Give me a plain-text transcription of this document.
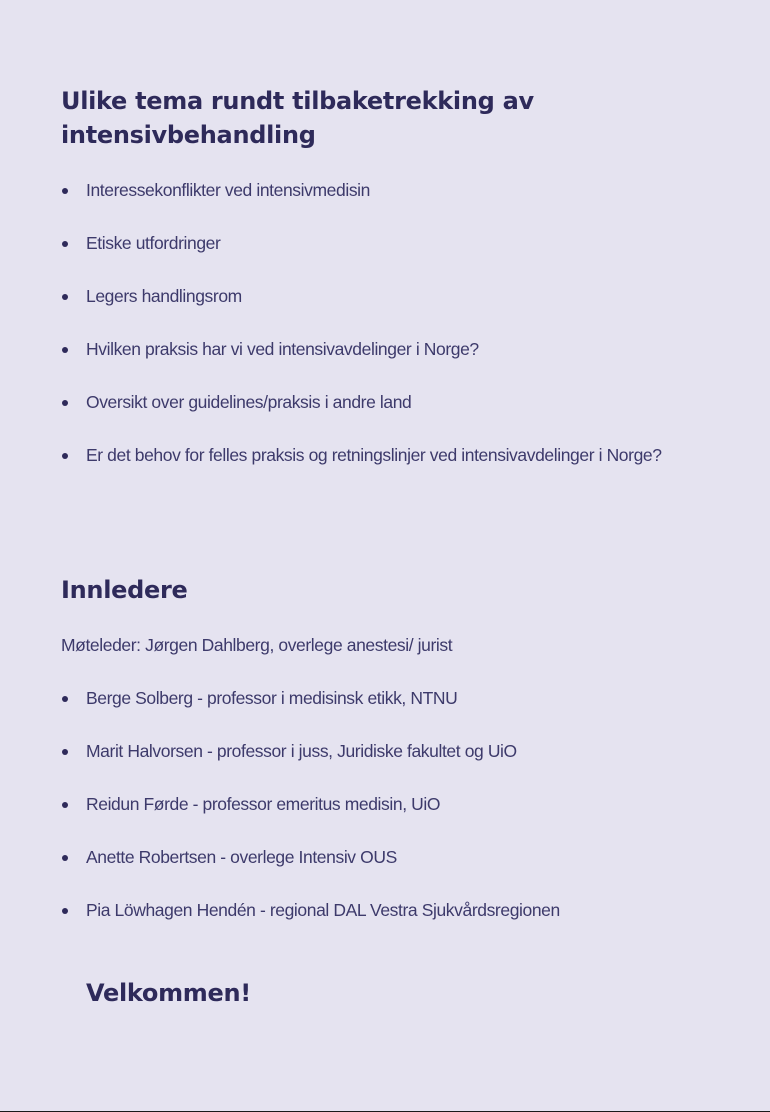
Ulike tema rundt tilbaketrekking av intensivbehandling
Interessekonflikter ved intensivmedisin
Etiske utfordringer
Legers handlingsrom
Hvilken praksis har vi ved intensivavdelinger i Norge?
Oversikt over guidelines/praksis i andre land
Er det behov for felles praksis og retningslinjer ved intensivavdelinger i Norge?
Innledere

Møteleder: Jørgen Dahlberg, overlege anestesi/ jurist

Berge Solberg - professor i medisinsk etikk, NTNU
Marit Halvorsen - professor i juss, Juridiske fakultet og UiO
Reidun Førde - professor emeritus medisin, UiO
Anette Robertsen - overlege Intensiv OUS
Pia Löwhagen Hendén - regional DAL Vestra Sjukvårdsregionen
Velkommen!
